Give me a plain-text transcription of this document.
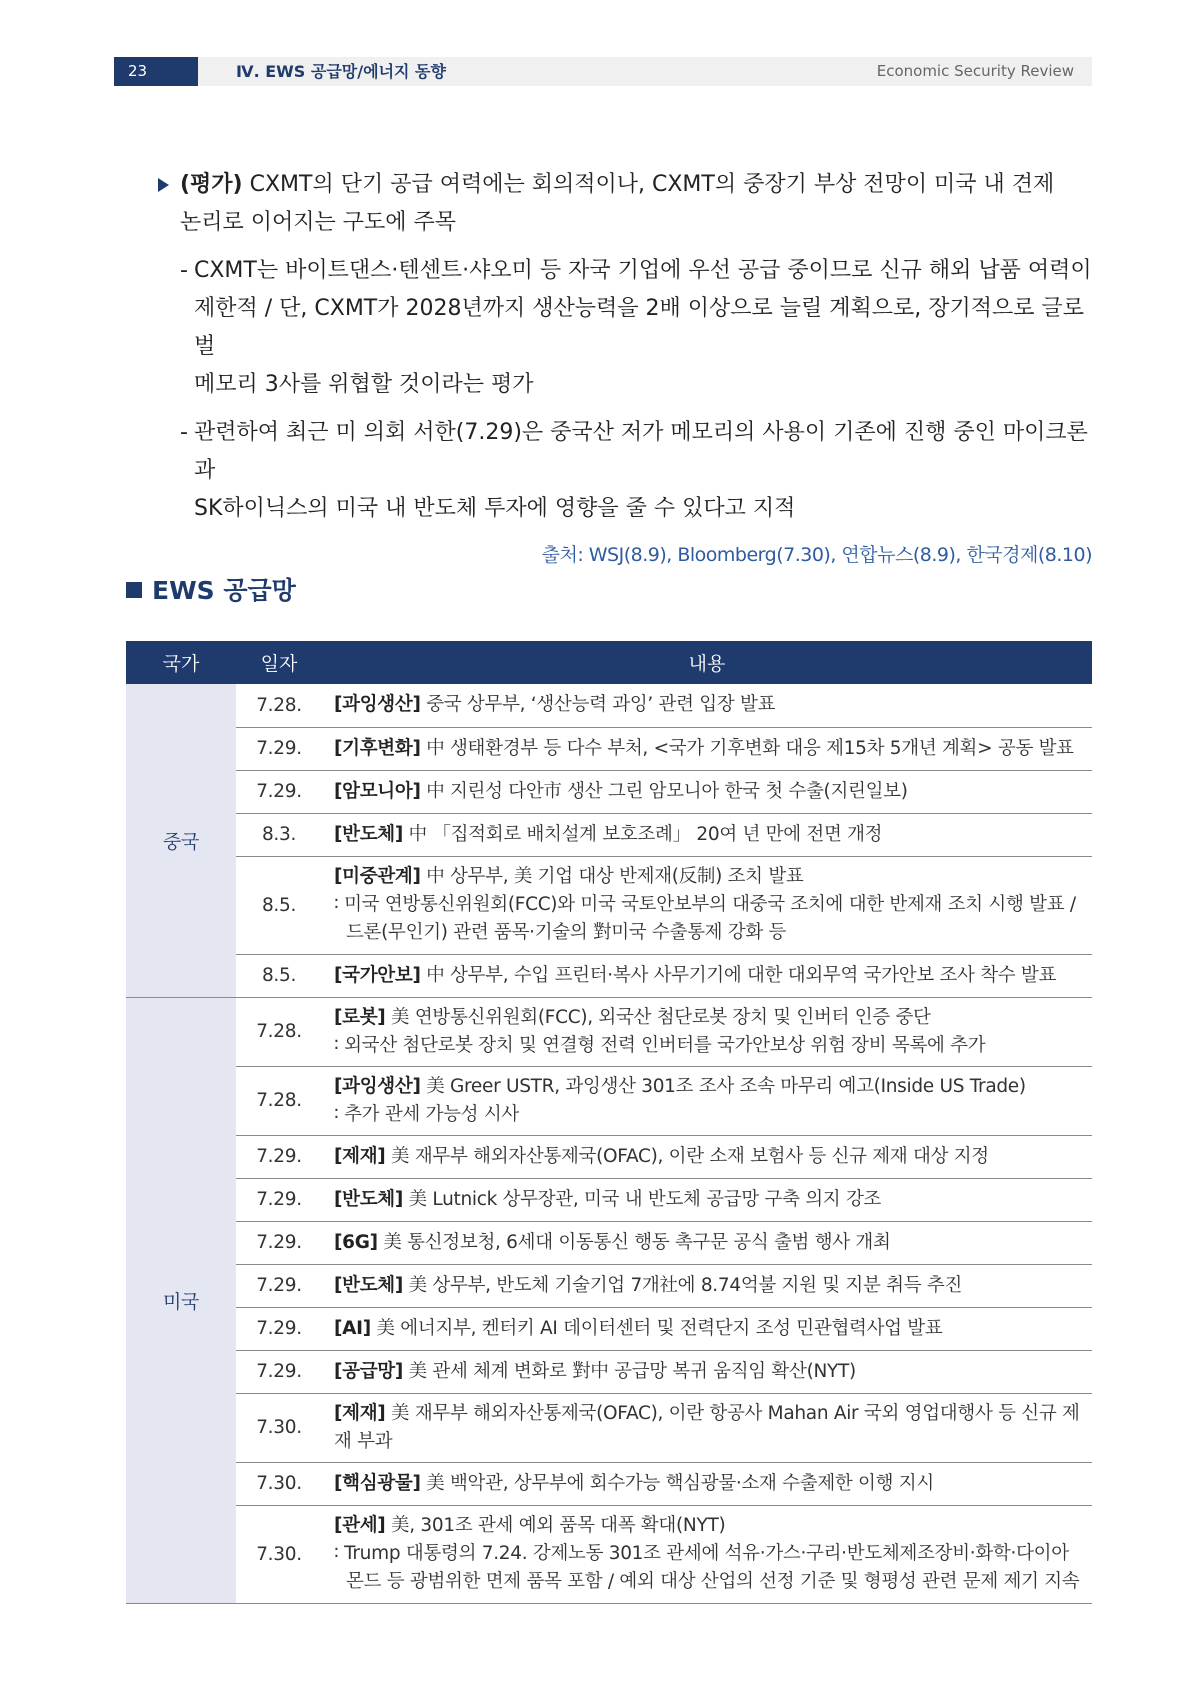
23	Ⅳ. EWS 공급망/에너지 동향	Economic Security Review
(평가) CXMT의 단기 공급 여력에는 회의적이나, CXMT의 중장기 부상 전망이 미국 내 견제
논리로 이어지는 구도에 주목
- CXMT는 바이트댄스·텐센트·샤오미 등 자국 기업에 우선 공급 중이므로 신규 해외 납품 여력이
제한적 / 단, CXMT가 2028년까지 생산능력을 2배 이상으로 늘릴 계획으로, 장기적으로 글로벌
메모리 3사를 위협할 것이라는 평가
- 관련하여 최근 미 의회 서한(7.29)은 중국산 저가 메모리의 사용이 기존에 진행 중인 마이크론과
SK하이닉스의 미국 내 반도체 투자에 영향을 줄 수 있다고 지적
출처: WSJ(8.9), Bloomberg(7.30), 연합뉴스(8.9), 한국경제(8.10)
EWS 공급망
국가	일자	내용
중국	7.28.	[과잉생산] 중국 상무부, ‘생산능력 과잉’ 관련 입장 발표
	7.29.	[기후변화] 中 생태환경부 등 다수 부처, <국가 기후변화 대응 제15차 5개년 계획> 공동 발표
	7.29.	[암모니아] 中 지린성 다안市 생산 그린 암모니아 한국 첫 수출(지린일보)
	8.3.	[반도체] 中 「집적회로 배치설계 보호조례」 20여 년 만에 전면 개정
	8.5.	[미중관계] 中 상무부, 美 기업 대상 반제재(反制) 조치 발표
∶ 미국 연방통신위원회(FCC)와 미국 국토안보부의 대중국 조치에 대한 반제재 조치 시행 발표 / 드론(무인기) 관련 품목·기술의 對미국 수출통제 강화 등

	8.5.	[국가안보] 中 상무부, 수입 프린터·복사 사무기기에 대한 대외무역 국가안보 조사 착수 발표
미국	7.28.	[로봇] 美 연방통신위원회(FCC), 외국산 첨단로봇 장치 및 인버터 인증 중단
∶ 외국산 첨단로봇 장치 및 연결형 전력 인버터를 국가안보상 위험 장비 목록에 추가

	7.28.	[과잉생산] 美 Greer USTR, 과잉생산 301조 조사 조속 마무리 예고(Inside US Trade)
∶ 추가 관세 가능성 시사

	7.29.	[제재] 美 재무부 해외자산통제국(OFAC), 이란 소재 보험사 등 신규 제재 대상 지정
	7.29.	[반도체] 美 Lutnick 상무장관, 미국 내 반도체 공급망 구축 의지 강조
	7.29.	[6G] 美 통신정보청, 6세대 이동통신 행동 촉구문 공식 출범 행사 개최
	7.29.	[반도체] 美 상무부, 반도체 기술기업 7개社에 8.74억불 지원 및 지분 취득 추진
	7.29.	[AI] 美 에너지부, 켄터키 AI 데이터센터 및 전력단지 조성 민관협력사업 발표
	7.29.	[공급망] 美 관세 체계 변화로 對中 공급망 복귀 움직임 확산(NYT)
	7.30.	[제재] 美 재무부 해외자산통제국(OFAC), 이란 항공사 Mahan Air 국외 영업대행사 등 신규 제재 부과
	7.30.	[핵심광물] 美 백악관, 상무부에 회수가능 핵심광물·소재 수출제한 이행 지시
	7.30.	[관세] 美, 301조 관세 예외 품목 대폭 확대(NYT)
∶ Trump 대통령의 7.24. 강제노동 301조 관세에 석유·가스·구리·반도체제조장비·화학·다이아몬드 등 광범위한 면제 품목 포함 / 예외 대상 산업의 선정 기준 및 형평성 관련 문제 제기 지속
